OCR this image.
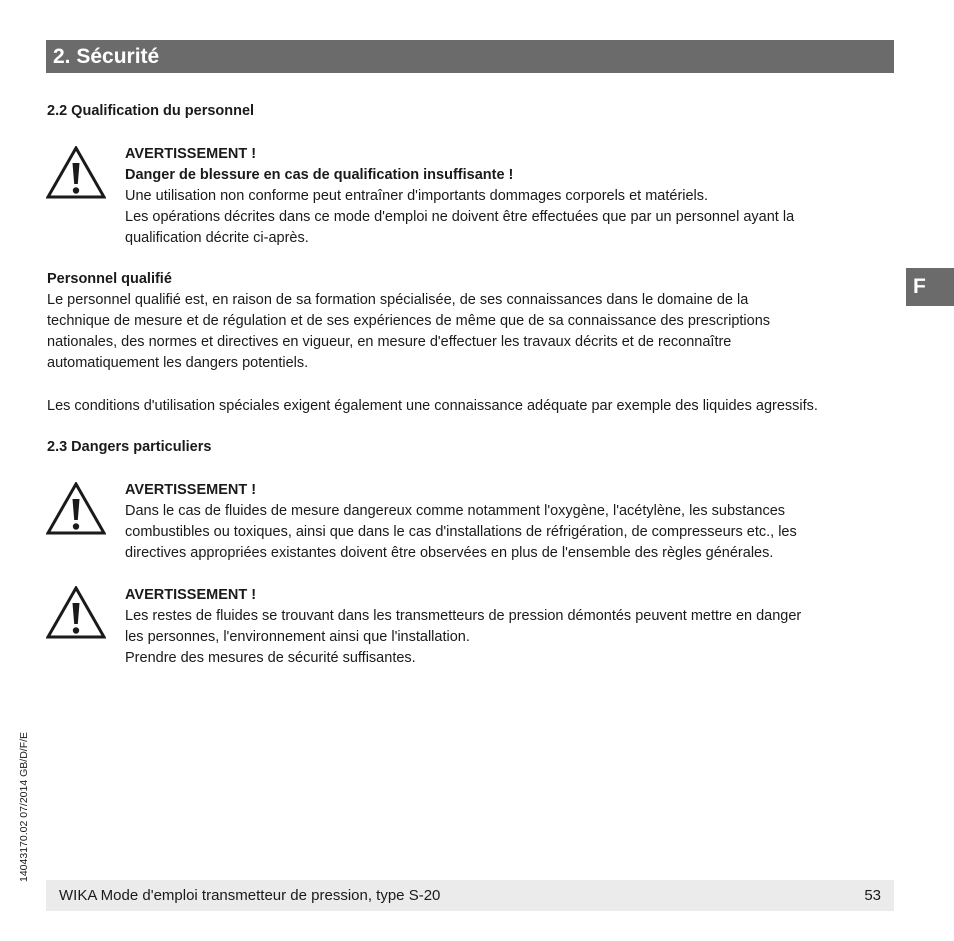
2. Sécurité
2.2 Qualification du personnel
AVERTISSEMENT !
Danger de blessure en cas de qualification insuffisante !
Une utilisation non conforme peut entraîner d'importants dommages corporels et matériels.
Les opérations décrites dans ce mode d'emploi ne doivent être effectuées que par un personnel ayant la
qualification décrite ci-après.
Personnel qualifié
Le personnel qualifié est, en raison de sa formation spécialisée, de ses connaissances dans le domaine de la
technique de mesure et de régulation et de ses expériences de même que de sa connaissance des prescriptions
nationales, des normes et directives en vigueur, en mesure d'effectuer les travaux décrits et de reconnaître
automatiquement les dangers potentiels.
Les conditions d'utilisation spéciales exigent également une connaissance adéquate par exemple des liquides agressifs.
2.3 Dangers particuliers
AVERTISSEMENT !
Dans le cas de fluides de mesure dangereux comme notamment l'oxygène, l'acétylène, les substances
combustibles ou toxiques, ainsi que dans le cas d'installations de réfrigération, de compresseurs etc., les
directives appropriées existantes doivent être observées en plus de l'ensemble des règles générales.
AVERTISSEMENT !
Les restes de fluides se trouvant dans les transmetteurs de pression démontés peuvent mettre en danger
les personnes, l'environnement ainsi que l'installation.
Prendre des mesures de sécurité suffisantes.
F
14043170.02 07/2014 GB/D/F/E
WIKA Mode d'emploi transmetteur de pression, type S-20	53
